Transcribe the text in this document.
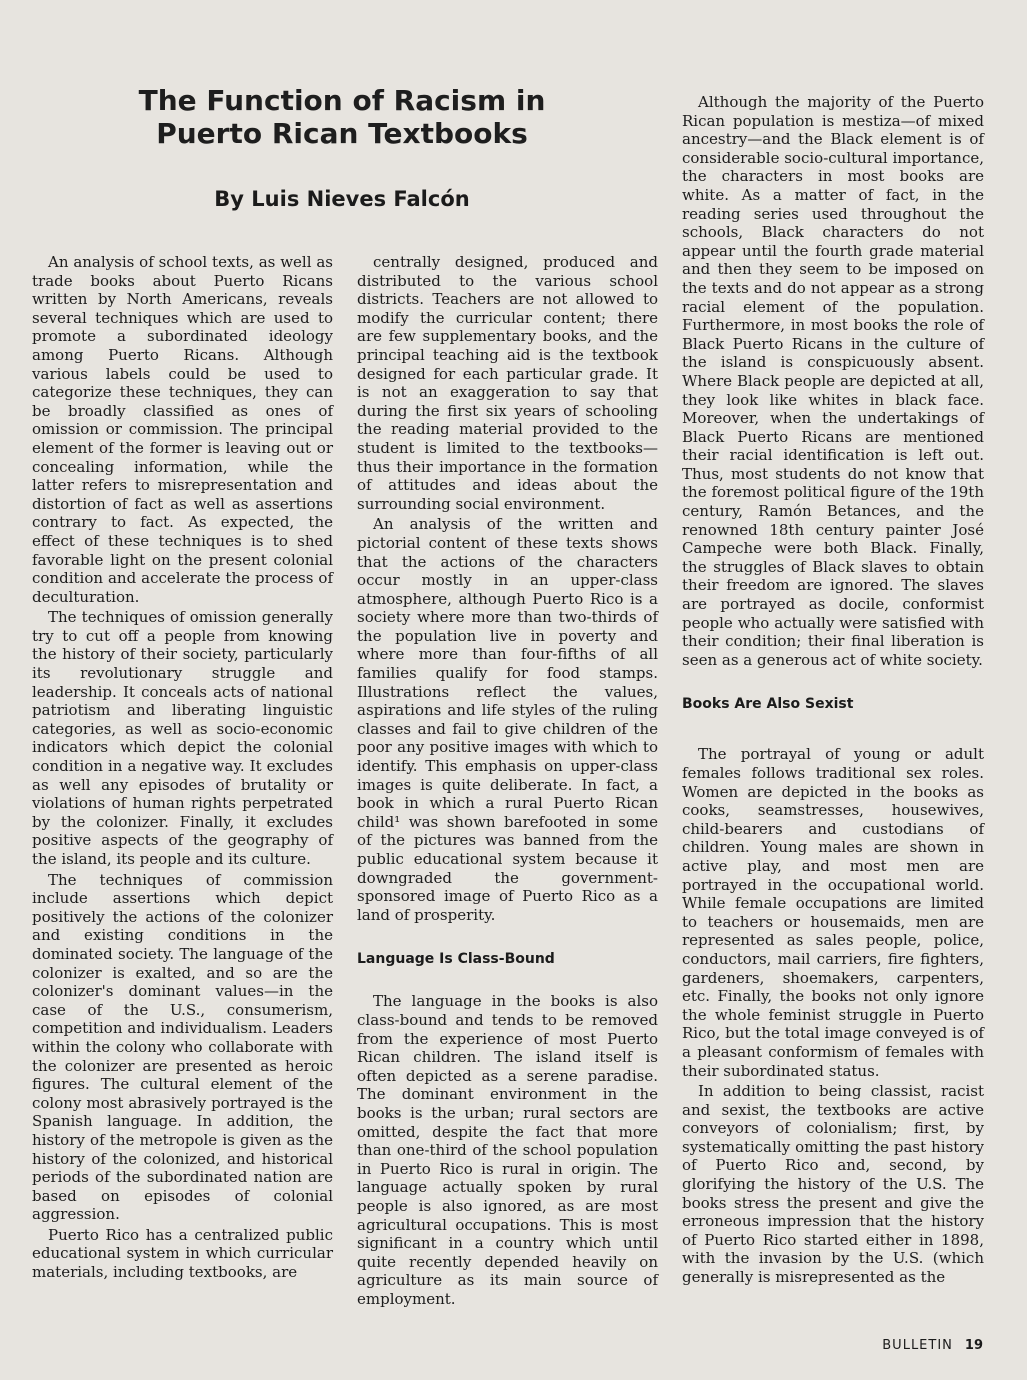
The Function of Racism in
Puerto Rican Textbooks
By Luis Nieves Falcón

An analysis of school texts, as well as trade books about Puerto Ricans written by North Americans, reveals several techniques which are used to promote a subordinated ideology among Puerto Ricans. Although various labels could be used to categorize these techniques, they can be broadly classified as ones of omission or commission. The principal element of the former is leaving out or concealing information, while the latter refers to misrepresentation and distortion of fact as well as assertions contrary to fact. As expected, the effect of these techniques is to shed favorable light on the present colonial condition and accelerate the process of deculturation.

The techniques of omission generally try to cut off a people from knowing the history of their society, particularly its revolutionary struggle and leadership. It conceals acts of national patriotism and liberating linguistic categories, as well as socio-economic indicators which depict the colonial condition in a negative way. It excludes as well any episodes of brutality or violations of human rights perpetrated by the colonizer. Finally, it excludes positive aspects of the geography of the island, its people and its culture.

The techniques of commission include assertions which depict positively the actions of the colonizer and existing conditions in the dominated society. The language of the colonizer is exalted, and so are the colonizer's dominant values—in the case of the U.S., consumerism, competition and individualism. Leaders within the colony who collaborate with the colonizer are presented as heroic figures. The cultural element of the colony most abrasively portrayed is the Spanish language. In addition, the history of the metropole is given as the history of the colonized, and historical periods of the subordinated nation are based on episodes of colonial aggression.

Puerto Rico has a centralized public educational system in which curricular materials, including textbooks, are

centrally designed, produced and distributed to the various school districts. Teachers are not allowed to modify the curricular content; there are few supplementary books, and the principal teaching aid is the textbook designed for each particular grade. It is not an exaggeration to say that during the first six years of schooling the reading material provided to the student is limited to the textbooks—thus their importance in the formation of attitudes and ideas about the surrounding social environment.

An analysis of the written and pictorial content of these texts shows that the actions of the characters occur mostly in an upper-class atmosphere, although Puerto Rico is a society where more than two-thirds of the population live in poverty and where more than four-fifths of all families qualify for food stamps. Illustrations reflect the values, aspirations and life styles of the ruling classes and fail to give children of the poor any positive images with which to identify. This emphasis on upper-class images is quite deliberate. In fact, a book in which a rural Puerto Rican child¹ was shown barefooted in some of the pictures was banned from the public educational system because it downgraded the government-sponsored image of Puerto Rico as a land of prosperity.

Language Is Class-Bound

The language in the books is also class-bound and tends to be removed from the experience of most Puerto Rican children. The island itself is often depicted as a serene paradise. The dominant environment in the books is the urban; rural sectors are omitted, despite the fact that more than one-third of the school population in Puerto Rico is rural in origin. The language actually spoken by rural people is also ignored, as are most agricultural occupations. This is most significant in a country which until quite recently depended heavily on agriculture as its main source of employment.

Although the majority of the Puerto Rican population is mestiza—of mixed ancestry—and the Black element is of considerable socio-cultural importance, the characters in most books are white. As a matter of fact, in the reading series used throughout the schools, Black characters do not appear until the fourth grade material and then they seem to be imposed on the texts and do not appear as a strong racial element of the population. Furthermore, in most books the role of Black Puerto Ricans in the culture of the island is conspicuously absent. Where Black people are depicted at all, they look like whites in black face. Moreover, when the undertakings of Black Puerto Ricans are mentioned their racial identification is left out. Thus, most students do not know that the foremost political figure of the 19th century, Ramón Betances, and the renowned 18th century painter José Campeche were both Black. Finally, the struggles of Black slaves to obtain their freedom are ignored. The slaves are portrayed as docile, conformist people who actually were satisfied with their condition; their final liberation is seen as a generous act of white society.

Books Are Also Sexist

The portrayal of young or adult females follows traditional sex roles. Women are depicted in the books as cooks, seamstresses, housewives, child-bearers and custodians of children. Young males are shown in active play, and most men are portrayed in the occupational world. While female occupations are limited to teachers or housemaids, men are represented as sales people, police, conductors, mail carriers, fire fighters, gardeners, shoemakers, carpenters, etc. Finally, the books not only ignore the whole feminist struggle in Puerto Rico, but the total image conveyed is of a pleasant conformism of females with their subordinated status.

In addition to being classist, racist and sexist, the textbooks are active conveyors of colonialism; first, by systematically omitting the past history of Puerto Rico and, second, by glorifying the history of the U.S. The books stress the present and give the erroneous impression that the history of Puerto Rico started either in 1898, with the invasion by the U.S. (which generally is misrepresented as the

BULLETIN 19
